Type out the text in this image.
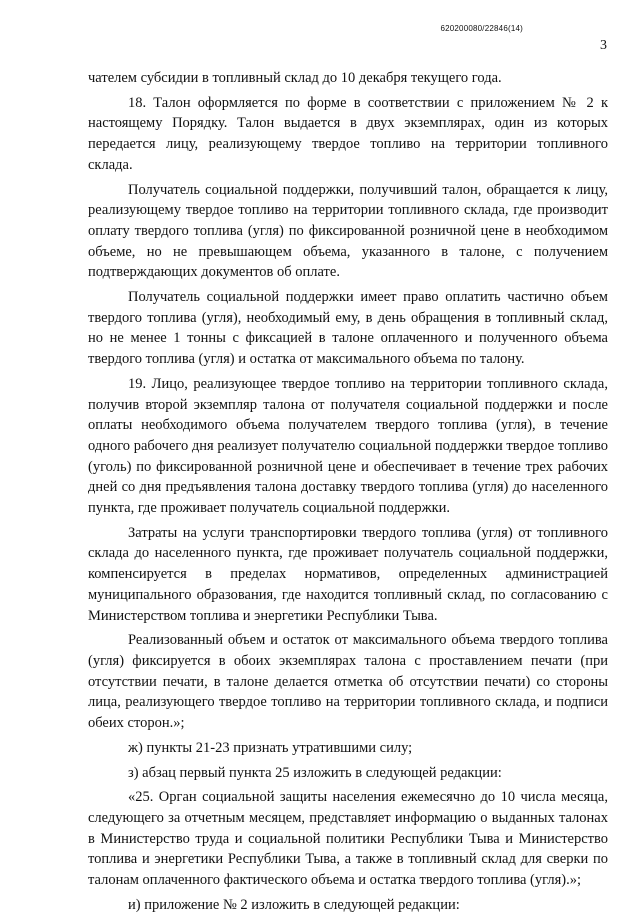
620200080/22846(14)
3

чателем субсидии в топливный склад до 10 декабря текущего года.

18. Талон оформляется по форме в соответствии с приложением № 2 к настоящему Порядку. Талон выдается в двух экземплярах, один из которых передается лицу, реализующему твердое топливо на территории топливного склада.

Получатель социальной поддержки, получивший талон, обращается к лицу, реализующему твердое топливо на территории топливного склада, где производит оплату твердого топлива (угля) по фиксированной розничной цене в необходимом объеме, но не превышающем объема, указанного в талоне, с получением подтверждающих документов об оплате.

Получатель социальной поддержки имеет право оплатить частично объем твердого топлива (угля), необходимый ему, в день обращения в топливный склад, но не менее 1 тонны с фиксацией в талоне оплаченного и полученного объема твердого топлива (угля) и остатка от максимального объема по талону.

19. Лицо, реализующее твердое топливо на территории топливного склада, получив второй экземпляр талона от получателя социальной поддержки и после оплаты необходимого объема получателем твердого топлива (угля), в течение одного рабочего дня реализует получателю социальной поддержки твердое топливо (уголь) по фиксированной розничной цене и обеспечивает в течение трех рабочих дней со дня предъявления талона доставку твердого топлива (угля) до населенного пункта, где проживает получатель социальной поддержки.

Затраты на услуги транспортировки твердого топлива (угля) от топливного склада до населенного пункта, где проживает получатель социальной поддержки, компенсируется в пределах нормативов, определенных администрацией муниципального образования, где находится топливный склад, по согласованию с Министерством топлива и энергетики Республики Тыва.

Реализованный объем и остаток от максимального объема твердого топлива (угля) фиксируется в обоих экземплярах талона с проставлением печати (при отсутствии печати, в талоне делается отметка об отсутствии печати) со стороны лица, реализующего твердое топливо на территории топливного склада, и подписи обеих сторон.»;

ж) пункты 21-23 признать утратившими силу;

з) абзац первый пункта 25 изложить в следующей редакции:

«25. Орган социальной защиты населения ежемесячно до 10 числа месяца, следующего за отчетным месяцем, представляет информацию о выданных талонах в Министерство труда и социальной политики Республики Тыва и Министерство топлива и энергетики Республики Тыва, а также в топливный склад для сверки по талонам оплаченного фактического объема и остатка твердого топлива (угля).»;

и) приложение № 2 изложить в следующей редакции:
